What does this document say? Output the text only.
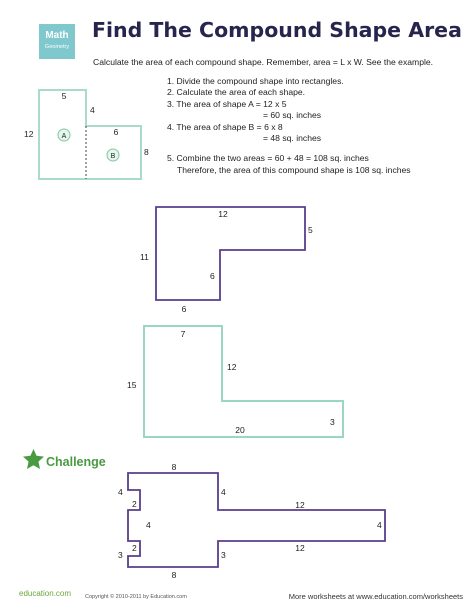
Math
Geometry
Find The Compound Shape Area
Calculate the area of each compound shape. Remember, area = L x W. See the example.
1. Divide the compound shape into rectangles.
2. Calculate the area of each shape.
3. The area of shape A = 12 x 5
= 60 sq. inches
4. The area of shape B = 6 x 8
= 48 sq. inches
5. Combine the two areas = 60 + 48 = 108 sq. inches
Therefore, the area of this compound shape is 108 sq. inches
A
B
5
4
12	6
8
12
5
11
6
6
7
12
15
3
20
8
4	4
2
4
12
4
2
3	3
12
8
Challenge
education.com	Copyright © 2010-2011 by Education.com	More worksheets at www.education.com/worksheets
